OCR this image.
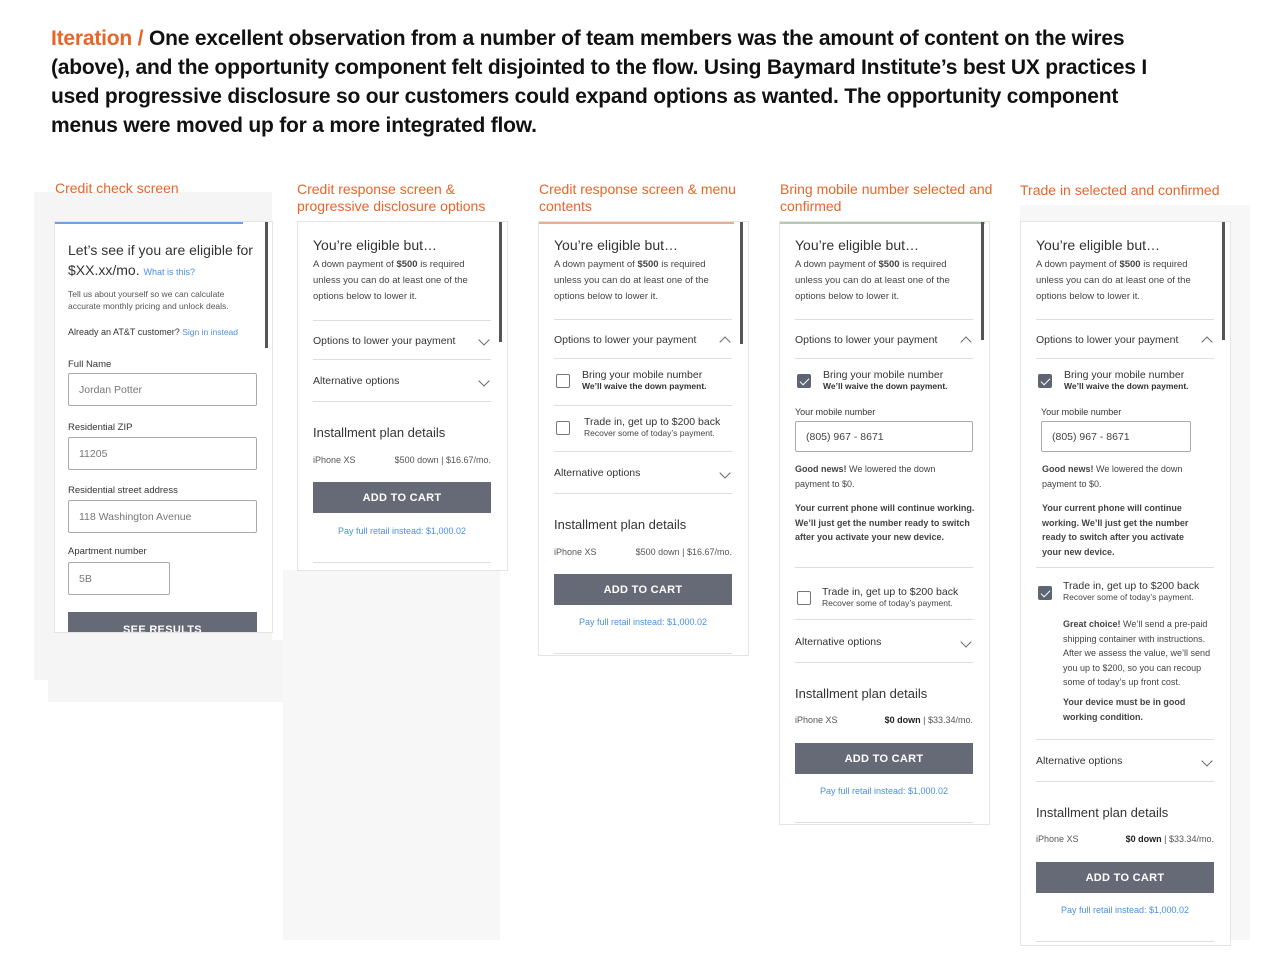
Iteration / One excellent observation from a number of team members was the amount of content on the wires (above), and the opportunity component felt disjointed to the flow. Using Baymard Institute’s best UX practices I used progressive disclosure so our customers could expand options as wanted. The opportunity component menus were moved up for a more integrated flow.
Credit check screen	Credit response screen & progressive disclosure options
Credit response screen & menu contents
Bring mobile number selected and confirmed
Trade in selected and confirmed
Let’s see if you are eligible for $XX.xx/mo. What is this?
Tell us about yourself so we can calculate accurate monthly pricing and unlock deals.
Already an AT&T customer? Sign in instead
Full Name
Jordan Potter
Residential ZIP
11205
Residential street address
118 Washington Avenue
Apartment number
5B
SEE RESULTS
You’re eligible but…
A down payment of $500 is required unless you can do at least one of the options below to lower it.
Options to lower your payment
Alternative options
Installment plan details
iPhone XS	$500 down | $16.67/mo.
ADD TO CART
Pay full retail instead: $1,000.02
You’re eligible but…
A down payment of $500 is required unless you can do at least one of the options below to lower it.
Options to lower your payment
Bring your mobile number
We’ll waive the down payment.
Trade in, get up to $200 back
Recover some of today’s payment.
Alternative options
Installment plan details
iPhone XS	$500 down | $16.67/mo.
ADD TO CART
Pay full retail instead: $1,000.02
You’re eligible but…
A down payment of $500 is required unless you can do at least one of the options below to lower it.
Options to lower your payment
Bring your mobile number
We’ll waive the down payment.
Your mobile number
(805) 967 - 8671
Good news! We lowered the down payment to $0.
Your current phone will continue working. We’ll just get the number ready to switch after you activate your new device.
Trade in, get up to $200 back
Recover some of today’s payment.
Alternative options
Installment plan details
iPhone XS	$0 down | $33.34/mo.
ADD TO CART
Pay full retail instead: $1,000.02
You’re eligible but…
A down payment of $500 is required unless you can do at least one of the options below to lower it.
Options to lower your payment
Bring your mobile number
We’ll waive the down payment.
Your mobile number
(805) 967 - 8671
Good news! We lowered the down payment to $0.
Your current phone will continue working. We’ll just get the number ready to switch after you activate your new device.
Trade in, get up to $200 back
Recover some of today’s payment.
Great choice! We’ll send a pre-paid shipping container with instructions. After we assess the value, we’ll send you up to $200, so you can recoup some of today’s up front cost.
Your device must be in good working condition.
Alternative options
Installment plan details
iPhone XS	$0 down | $33.34/mo.
ADD TO CART
Pay full retail instead: $1,000.02
